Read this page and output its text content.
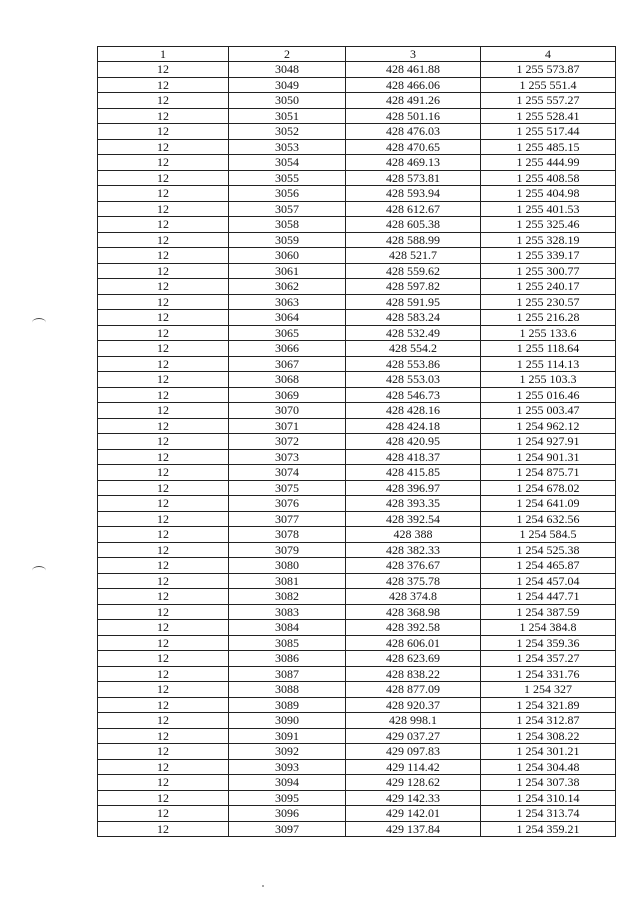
1	2	3	4
12	3048	428 461.88	1 255 573.87
12	3049	428 466.06	1 255 551.4
12	3050	428 491.26	1 255 557.27
12	3051	428 501.16	1 255 528.41
12	3052	428 476.03	1 255 517.44
12	3053	428 470.65	1 255 485.15
12	3054	428 469.13	1 255 444.99
12	3055	428 573.81	1 255 408.58
12	3056	428 593.94	1 255 404.98
12	3057	428 612.67	1 255 401.53
12	3058	428 605.38	1 255 325.46
12	3059	428 588.99	1 255 328.19
12	3060	428 521.7	1 255 339.17
12	3061	428 559.62	1 255 300.77
12	3062	428 597.82	1 255 240.17
12	3063	428 591.95	1 255 230.57
12	3064	428 583.24	1 255 216.28
12	3065	428 532.49	1 255 133.6
12	3066	428 554.2	1 255 118.64
12	3067	428 553.86	1 255 114.13
12	3068	428 553.03	1 255 103.3
12	3069	428 546.73	1 255 016.46
12	3070	428 428.16	1 255 003.47
12	3071	428 424.18	1 254 962.12
12	3072	428 420.95	1 254 927.91
12	3073	428 418.37	1 254 901.31
12	3074	428 415.85	1 254 875.71
12	3075	428 396.97	1 254 678.02
12	3076	428 393.35	1 254 641.09
12	3077	428 392.54	1 254 632.56
12	3078	428 388	1 254 584.5
12	3079	428 382.33	1 254 525.38
12	3080	428 376.67	1 254 465.87
12	3081	428 375.78	1 254 457.04
12	3082	428 374.8	1 254 447.71
12	3083	428 368.98	1 254 387.59
12	3084	428 392.58	1 254 384.8
12	3085	428 606.01	1 254 359.36
12	3086	428 623.69	1 254 357.27
12	3087	428 838.22	1 254 331.76
12	3088	428 877.09	1 254 327
12	3089	428 920.37	1 254 321.89
12	3090	428 998.1	1 254 312.87
12	3091	429 037.27	1 254 308.22
12	3092	429 097.83	1 254 301.21
12	3093	429 114.42	1 254 304.48
12	3094	429 128.62	1 254 307.38
12	3095	429 142.33	1 254 310.14
12	3096	429 142.01	1 254 313.74
12	3097	429 137.84	1 254 359.21
